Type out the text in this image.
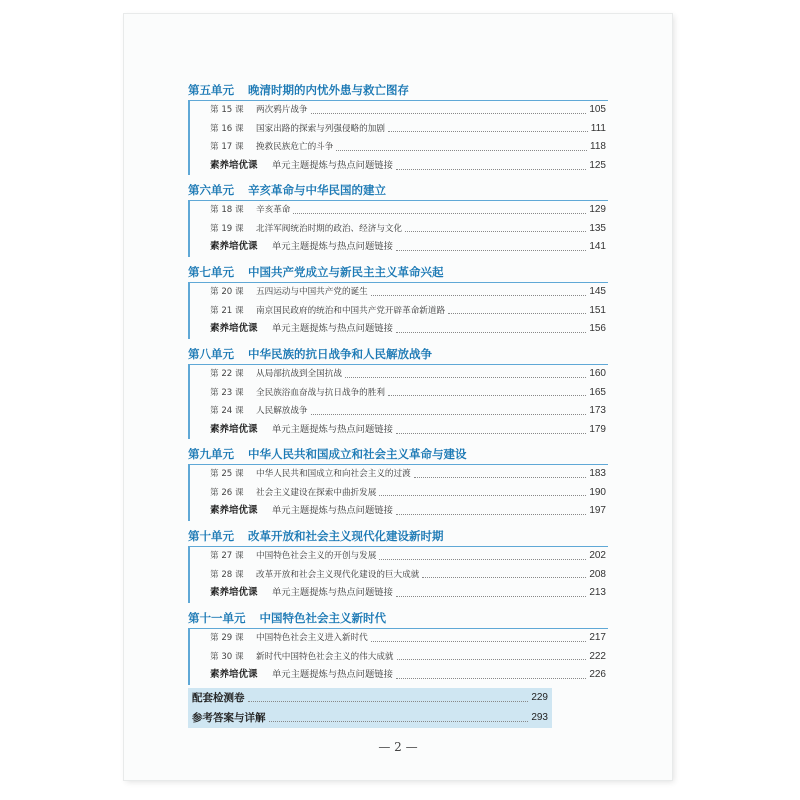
第五单元 晚清时期的内忧外患与救亡图存
第 15 课	两次鸦片战争	105
第 16 课	国家出路的探索与列强侵略的加剧	111
第 17 课	挽救民族危亡的斗争	118
素养培优课	单元主题提炼与热点问题链接	125
第六单元 辛亥革命与中华民国的建立
第 18 课	辛亥革命	129
第 19 课	北洋军阀统治时期的政治、经济与文化	135
素养培优课	单元主题提炼与热点问题链接	141
第七单元 中国共产党成立与新民主主义革命兴起
第 20 课	五四运动与中国共产党的诞生	145
第 21 课	南京国民政府的统治和中国共产党开辟革命新道路	151
素养培优课	单元主题提炼与热点问题链接	156
第八单元 中华民族的抗日战争和人民解放战争
第 22 课	从局部抗战到全国抗战	160
第 23 课	全民族浴血奋战与抗日战争的胜利	165
第 24 课	人民解放战争	173
素养培优课	单元主题提炼与热点问题链接	179
第九单元 中华人民共和国成立和社会主义革命与建设
第 25 课	中华人民共和国成立和向社会主义的过渡	183
第 26 课	社会主义建设在探索中曲折发展	190
素养培优课	单元主题提炼与热点问题链接	197
第十单元 改革开放和社会主义现代化建设新时期
第 27 课	中国特色社会主义的开创与发展	202
第 28 课	改革开放和社会主义现代化建设的巨大成就	208
素养培优课	单元主题提炼与热点问题链接	213
第十一单元 中国特色社会主义新时代
第 29 课	中国特色社会主义进入新时代	217
第 30 课	新时代中国特色社会主义的伟大成就	222
素养培优课	单元主题提炼与热点问题链接	226
配套检测卷	229
参考答案与详解	293
— 2 —
